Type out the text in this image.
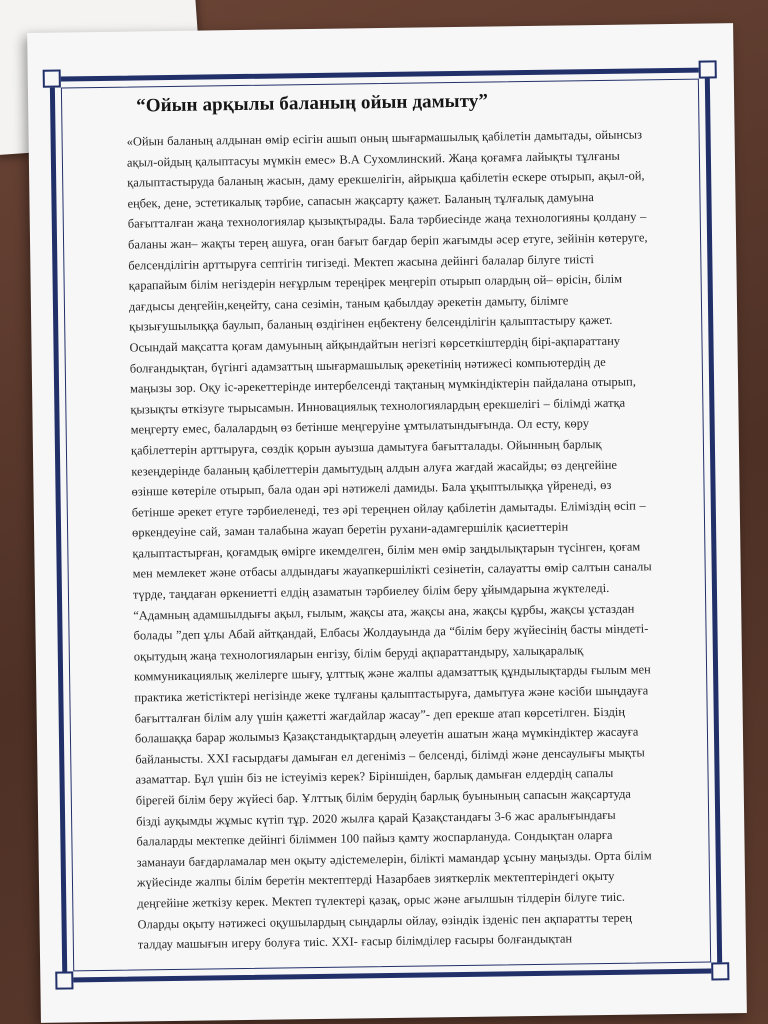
“Ойын арқылы баланың ойын дамыту”

«Ойын баланың алдынан өмір есігін ашып оның шығармашылық қабілетін дамытады, ойынсыз ақыл-ойдың қалыптасуы мүмкін емес» В.А Сухомлинский. Жаңа қоғамға лайықты тұлғаны қалыптастыруда баланың жасын, даму ерекшелігін, айрықша қабілетін ескере отырып, ақыл-ой, еңбек, дене, эстетикалық тәрбие, сапасын жақсарту қажет. Баланың тұлғалық дамуына бағытталған жаңа технологиялар қызықтырады. Бала тәрбиесінде жаңа технологияны қолдану – баланы жан– жақты терең ашуға, оған бағыт бағдар беріп жағымды әсер етуге, зейінін көтеруге, белсенділігін арттыруға септігін тигізеді. Мектеп жасына дейінгі балалар білуге тиісті қарапайым білім негіздерін неғұрлым тереңірек меңгеріп отырып олардың ой– өрісін, білім дағдысы деңгейін,кеңейту, сана сезімін, таным қабылдау әрекетін дамыту, білімге қызығушылыққа баулып, баланың өздігінен еңбектену белсенділігін қалыптастыру қажет. Осындай мақсатта қоғам дамуының айқындайтын негізгі көрсеткіштердің бірі-ақпараттану болғандықтан, бүгінгі адамзаттың шығармашылық әрекетінің нәтижесі компьютердің де маңызы зор. Оқу іс-әрекеттерінде интербелсенді тақтаның мүмкіндіктерін пайдалана отырып, қызықты өткізуге тырысамын. Инновациялық технологиялардың ерекшелігі – білімді жатқа меңгерту емес, балалардың өз бетінше меңгеруіне ұмтылатындығында. Ол есту, көру қабілеттерін арттыруға, сөздік қорын ауызша дамытуға бағытталады. Ойынның барлық кезеңдерінде баланың қабілеттерін дамытудың алдын алуға жағдай жасайды; өз деңгейіне өзінше көтеріле отырып, бала одан әрі нәтижелі дамиды. Бала ұқыптылыққа үйренеді, өз бетінше әрекет етуге тәрбиеленеді, тез әрі тереңнен ойлау қабілетін дамытады. Еліміздің өсіп –өркендеуіне сай, заман талабына жауап беретін рухани-адамгершілік қасиеттерін қалыптастырған, қоғамдық өмірге икемделген, білім мен өмір заңдылықтарын түсінген, қоғам мен мемлекет және отбасы алдындағы жауапкершілікті сезінетін, салауатты өмір салтын саналы түрде, таңдаған өркениетті елдің азаматын тәрбиелеу білім беру ұйымдарына жүктеледі. “Адамның адамшылдығы ақыл, ғылым, жақсы ата, жақсы ана, жақсы құрбы, жақсы ұстаздан болады ”деп ұлы Абай айтқандай, Елбасы Жолдауында да “білім беру жүйесінің басты міндеті- оқытудың жаңа технологияларын енгізу, білім беруді ақпараттандыру, халықаралық коммуникациялық желілерге шығу, ұлттық және жалпы адамзаттық құндылықтарды ғылым мен практика жетістіктері негізінде жеке тұлғаны қалыптастыруға, дамытуға және кәсіби шыңдауға бағытталған білім алу үшін қажетті жағдайлар жасау”- деп ерекше атап көрсетілген. Біздің болашаққа барар жолымыз Қазақстандықтардың әлеуетін ашатын жаңа мүмкіндіктер жасауға байланысты. XXI ғасырдағы дамыған ел дегеніміз – белсенді, білімді және денсаулығы мықты азаматтар. Бұл үшін біз не істеуіміз керек? Біріншіден, барлық дамыған елдердің сапалы бірегей білім беру жүйесі бар. Ұлттық білім берудің барлық буынының сапасын жақсартуда бізді ауқымды жұмыс күтіп тұр. 2020 жылға қарай Қазақстандағы 3-6 жас аралығындағы балаларды мектепке дейінгі біліммен 100 пайыз қамту жоспарлануда. Сондықтан оларға заманауи бағдарламалар мен оқыту әдістемелерін, білікті мамандар ұсыну маңызды. Орта білім жүйесінде жалпы білім беретін мектептерді Назарбаев зияткерлік мектептеріндегі оқыту деңгейіне жеткізу керек. Мектеп түлектері қазақ, орыс және ағылшын тілдерін білуге тиіс. Оларды оқыту нәтижесі оқушылардың сыңдарлы ойлау, өзіндік ізденіс пен ақпаратты терең талдау машығын игеру болуға тиіс. XXI- ғасыр білімділер ғасыры болғандықтан
